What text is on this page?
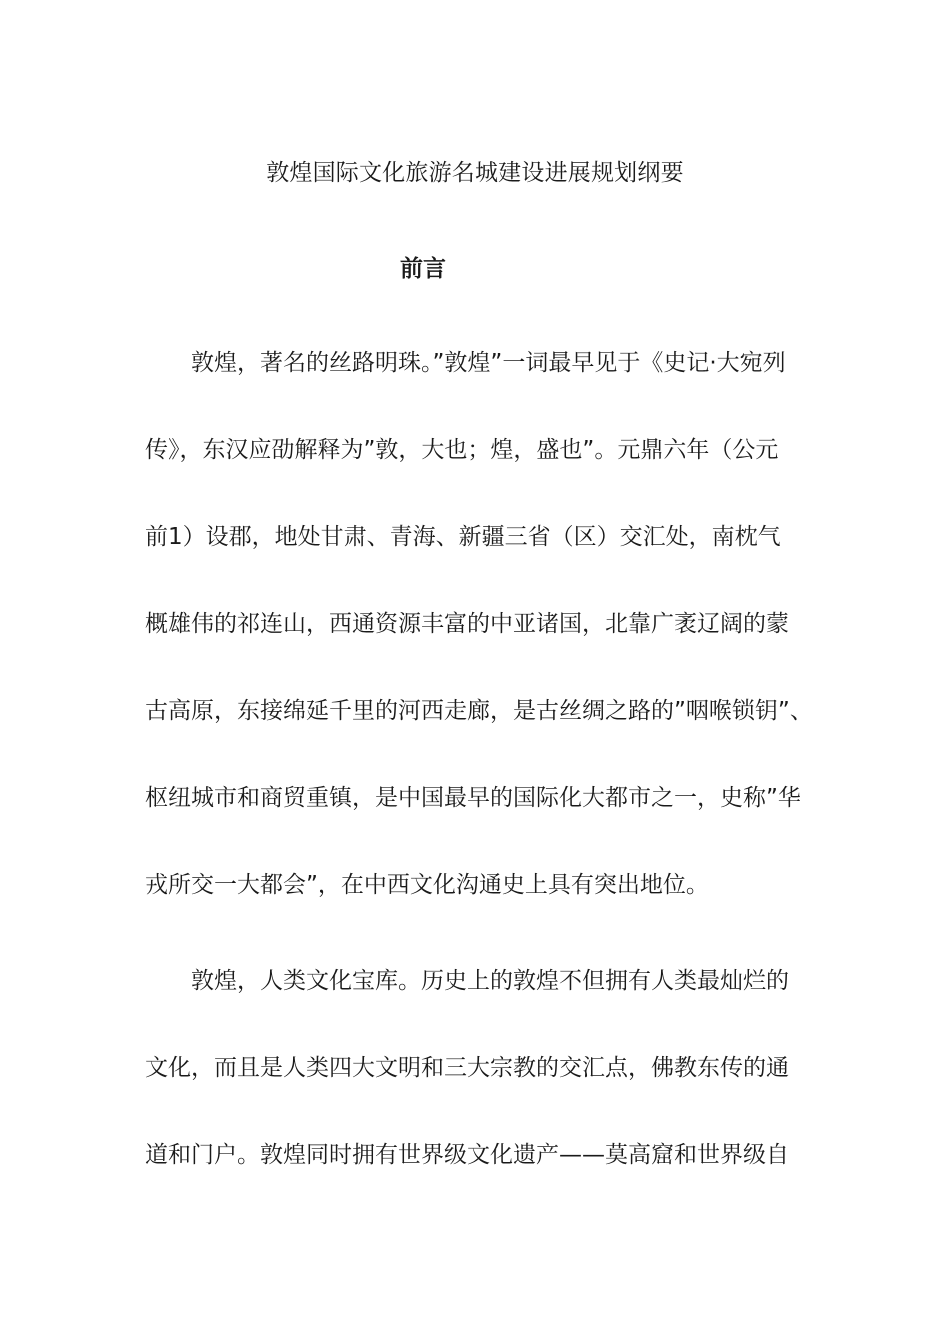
敦煌国际文化旅游名城建设进展规划纲要
前言
敦煌，著名的丝路明珠。”敦煌”一词最早见于《史记·大宛列
传》，东汉应劭解释为”敦，大也；煌，盛也”。元鼎六年（公元
前1）设郡，地处甘肃、青海、新疆三省（区）交汇处，南枕气
概雄伟的祁连山，西通资源丰富的中亚诸国，北靠广袤辽阔的蒙
古高原，东接绵延千里的河西走廊，是古丝绸之路的”咽喉锁钥”、
枢纽城市和商贸重镇，是中国最早的国际化大都市之一，史称”华
戎所交一大都会”，在中西文化沟通史上具有突出地位。
敦煌，人类文化宝库。历史上的敦煌不但拥有人类最灿烂的
文化，而且是人类四大文明和三大宗教的交汇点，佛教东传的通
道和门户。敦煌同时拥有世界级文化遗产——莫高窟和世界级自
